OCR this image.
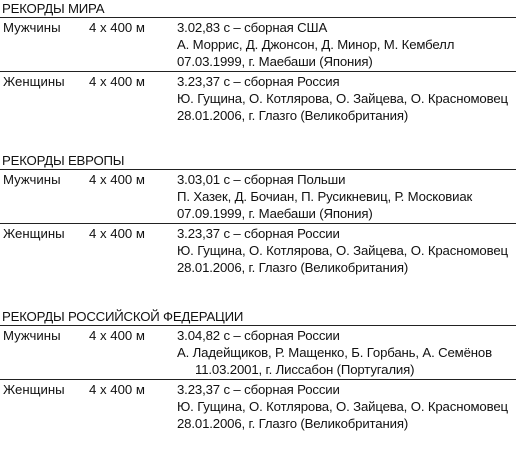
РЕКОРДЫ МИРА
Мужчины	4 х 400 м	3.02,83 с – сборная США
А. Моррис, Д. Джонсон, Д. Минор, М. Кембелл
07.03.1999, г. Маебаши (Япония)
Женщины	4 х 400 м	3.23,37 с – сборная Россия
Ю. Гущина, О. Котлярова, О. Зайцева, О. Красномовец
28.01.2006, г. Глазго (Великобритания)
РЕКОРДЫ ЕВРОПЫ
Мужчины	4 х 400 м	3.03,01 с – сборная Польши
П. Хазек, Д. Бочиан, П. Русикневиц, Р. Московиак
07.09.1999, г. Маебаши (Япония)
Женщины	4 х 400 м	3.23,37 с – сборная России
Ю. Гущина, О. Котлярова, О. Зайцева, О. Красномовец
28.01.2006, г. Глазго (Великобритания)
РЕКОРДЫ РОССИЙСКОЙ ФЕДЕРАЦИИ
Мужчины	4 х 400 м	3.04,82 с – сборная России
А. Ладейщиков, Р. Мащенко, Б. Горбань, А. Семёнов
11.03.2001, г. Лиссабон (Португалия)
Женщины	4 х 400 м	3.23,37 с – сборная России
Ю. Гущина, О. Котлярова, О. Зайцева, О. Красномовец
28.01.2006, г. Глазго (Великобритания)
